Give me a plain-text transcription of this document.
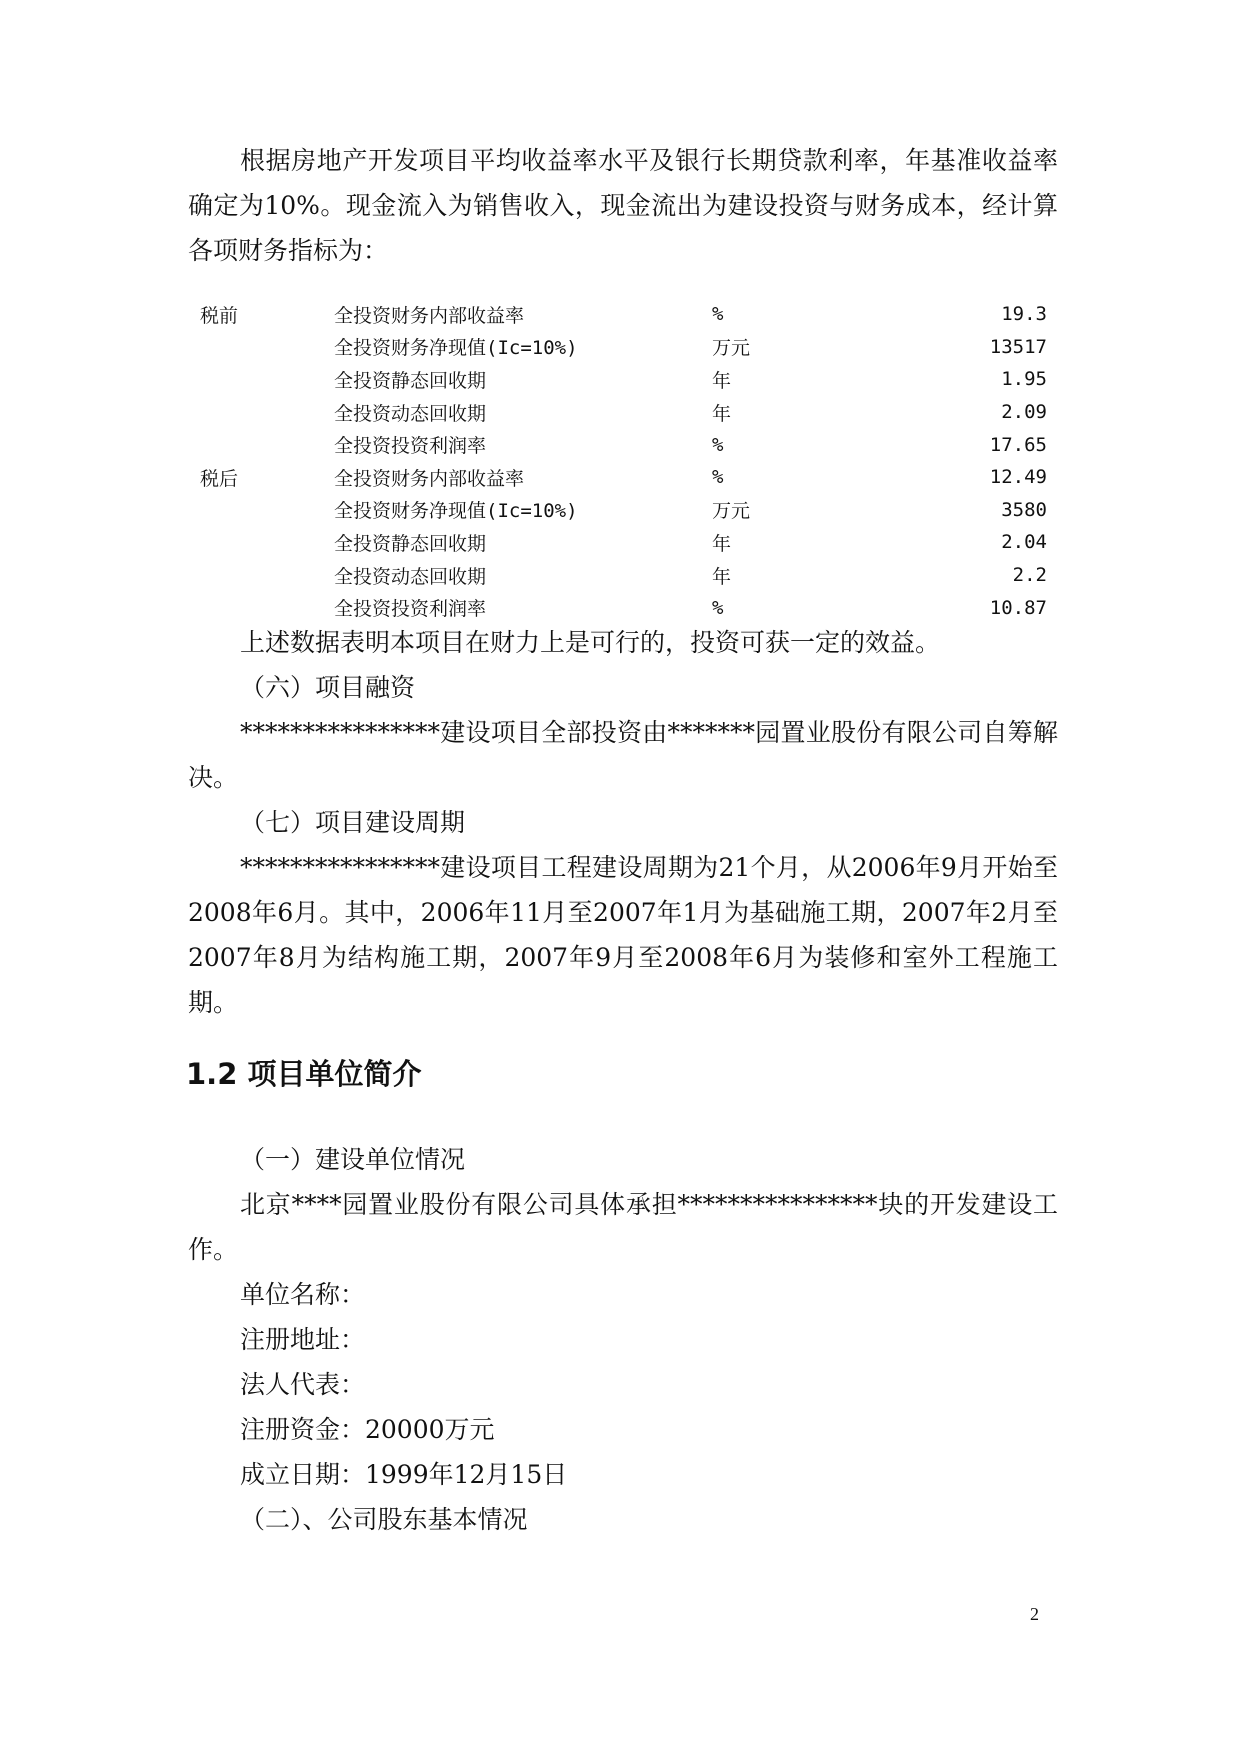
根据房地产开发项目平均收益率水平及银行长期贷款利率，年基准收益率确定为10%。现金流入为销售收入，现金流出为建设投资与财务成本，经计算各项财务指标为：

税前	全投资财务内部收益率	%	19.3
	全投资财务净现值(Ic=10%)	万元	13517
	全投资静态回收期	年	1.95
	全投资动态回收期	年	2.09
	全投资投资利润率	%	17.65
税后	全投资财务内部收益率	%	12.49
	全投资财务净现值(Ic=10%)	万元	3580
	全投资静态回收期	年	2.04
	全投资动态回收期	年	2.2
	全投资投资利润率	%	10.87

上述数据表明本项目在财力上是可行的，投资可获一定的效益。

（六）项目融资

****************建设项目全部投资由*******园置业股份有限公司自筹解决。

（七）项目建设周期

****************建设项目工程建设周期为21个月，从2006年9月开始至2008年6月。其中，2006年11月至2007年1月为基础施工期，2007年2月至2007年8月为结构施工期，2007年9月至2008年6月为装修和室外工程施工期。

1.2 项目单位简介

（一）建设单位情况

北京****园置业股份有限公司具体承担****************块的开发建设工作。

单位名称：

注册地址：

法人代表：

注册资金：20000万元

成立日期：1999年12月15日

（二）、公司股东基本情况

2
